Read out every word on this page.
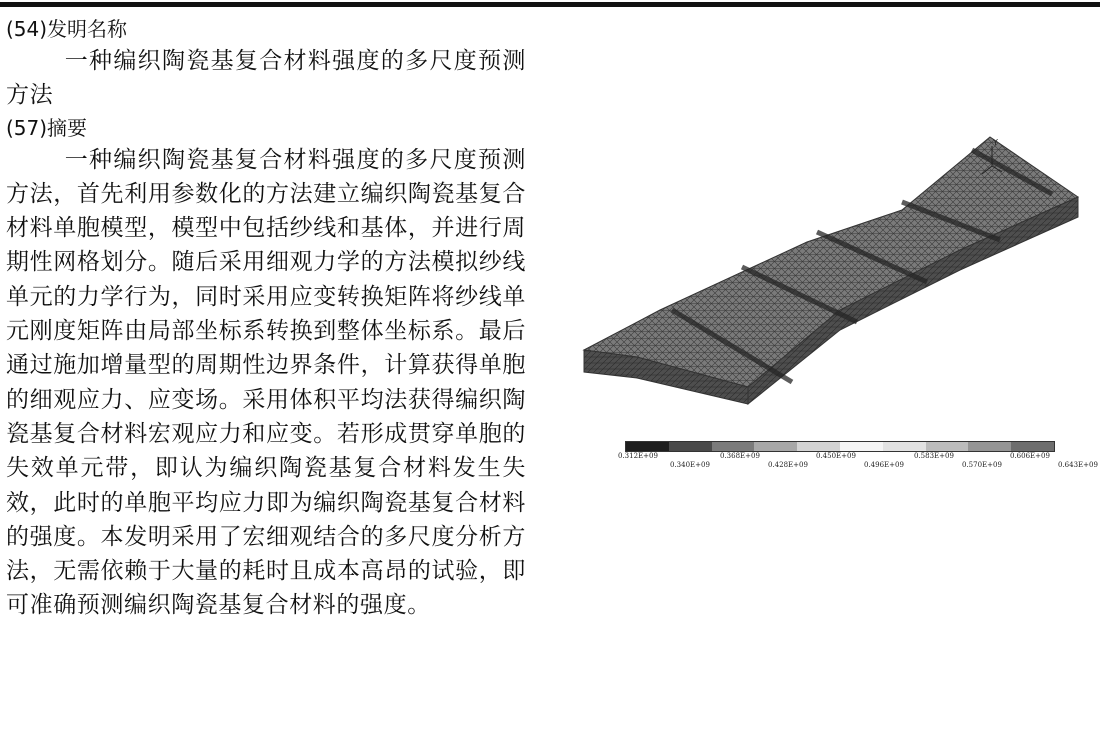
(54)发明名称

一种编织陶瓷基复合材料强度的多尺度预测方法

(57)摘要

一种编织陶瓷基复合材料强度的多尺度预测方法，首先利用参数化的方法建立编织陶瓷基复合材料单胞模型，模型中包括纱线和基体，并进行周期性网格划分。随后采用细观力学的方法模拟纱线单元的力学行为，同时采用应变转换矩阵将纱线单元刚度矩阵由局部坐标系转换到整体坐标系。最后通过施加增量型的周期性边界条件，计算获得单胞的细观应力、应变场。采用体积平均法获得编织陶瓷基复合材料宏观应力和应变。若形成贯穿单胞的失效单元带，即认为编织陶瓷基复合材料发生失效，此时的单胞平均应力即为编织陶瓷基复合材料的强度。本发明采用了宏细观结合的多尺度分析方法，无需依赖于大量的耗时且成本高昂的试验，即可准确预测编织陶瓷基复合材料的强度。

Y
0.312E+09
0.340E+09
0.368E+09
0.428E+09
0.450E+09
0.496E+09
0.583E+09
0.570E+09
0.606E+09
0.643E+09
